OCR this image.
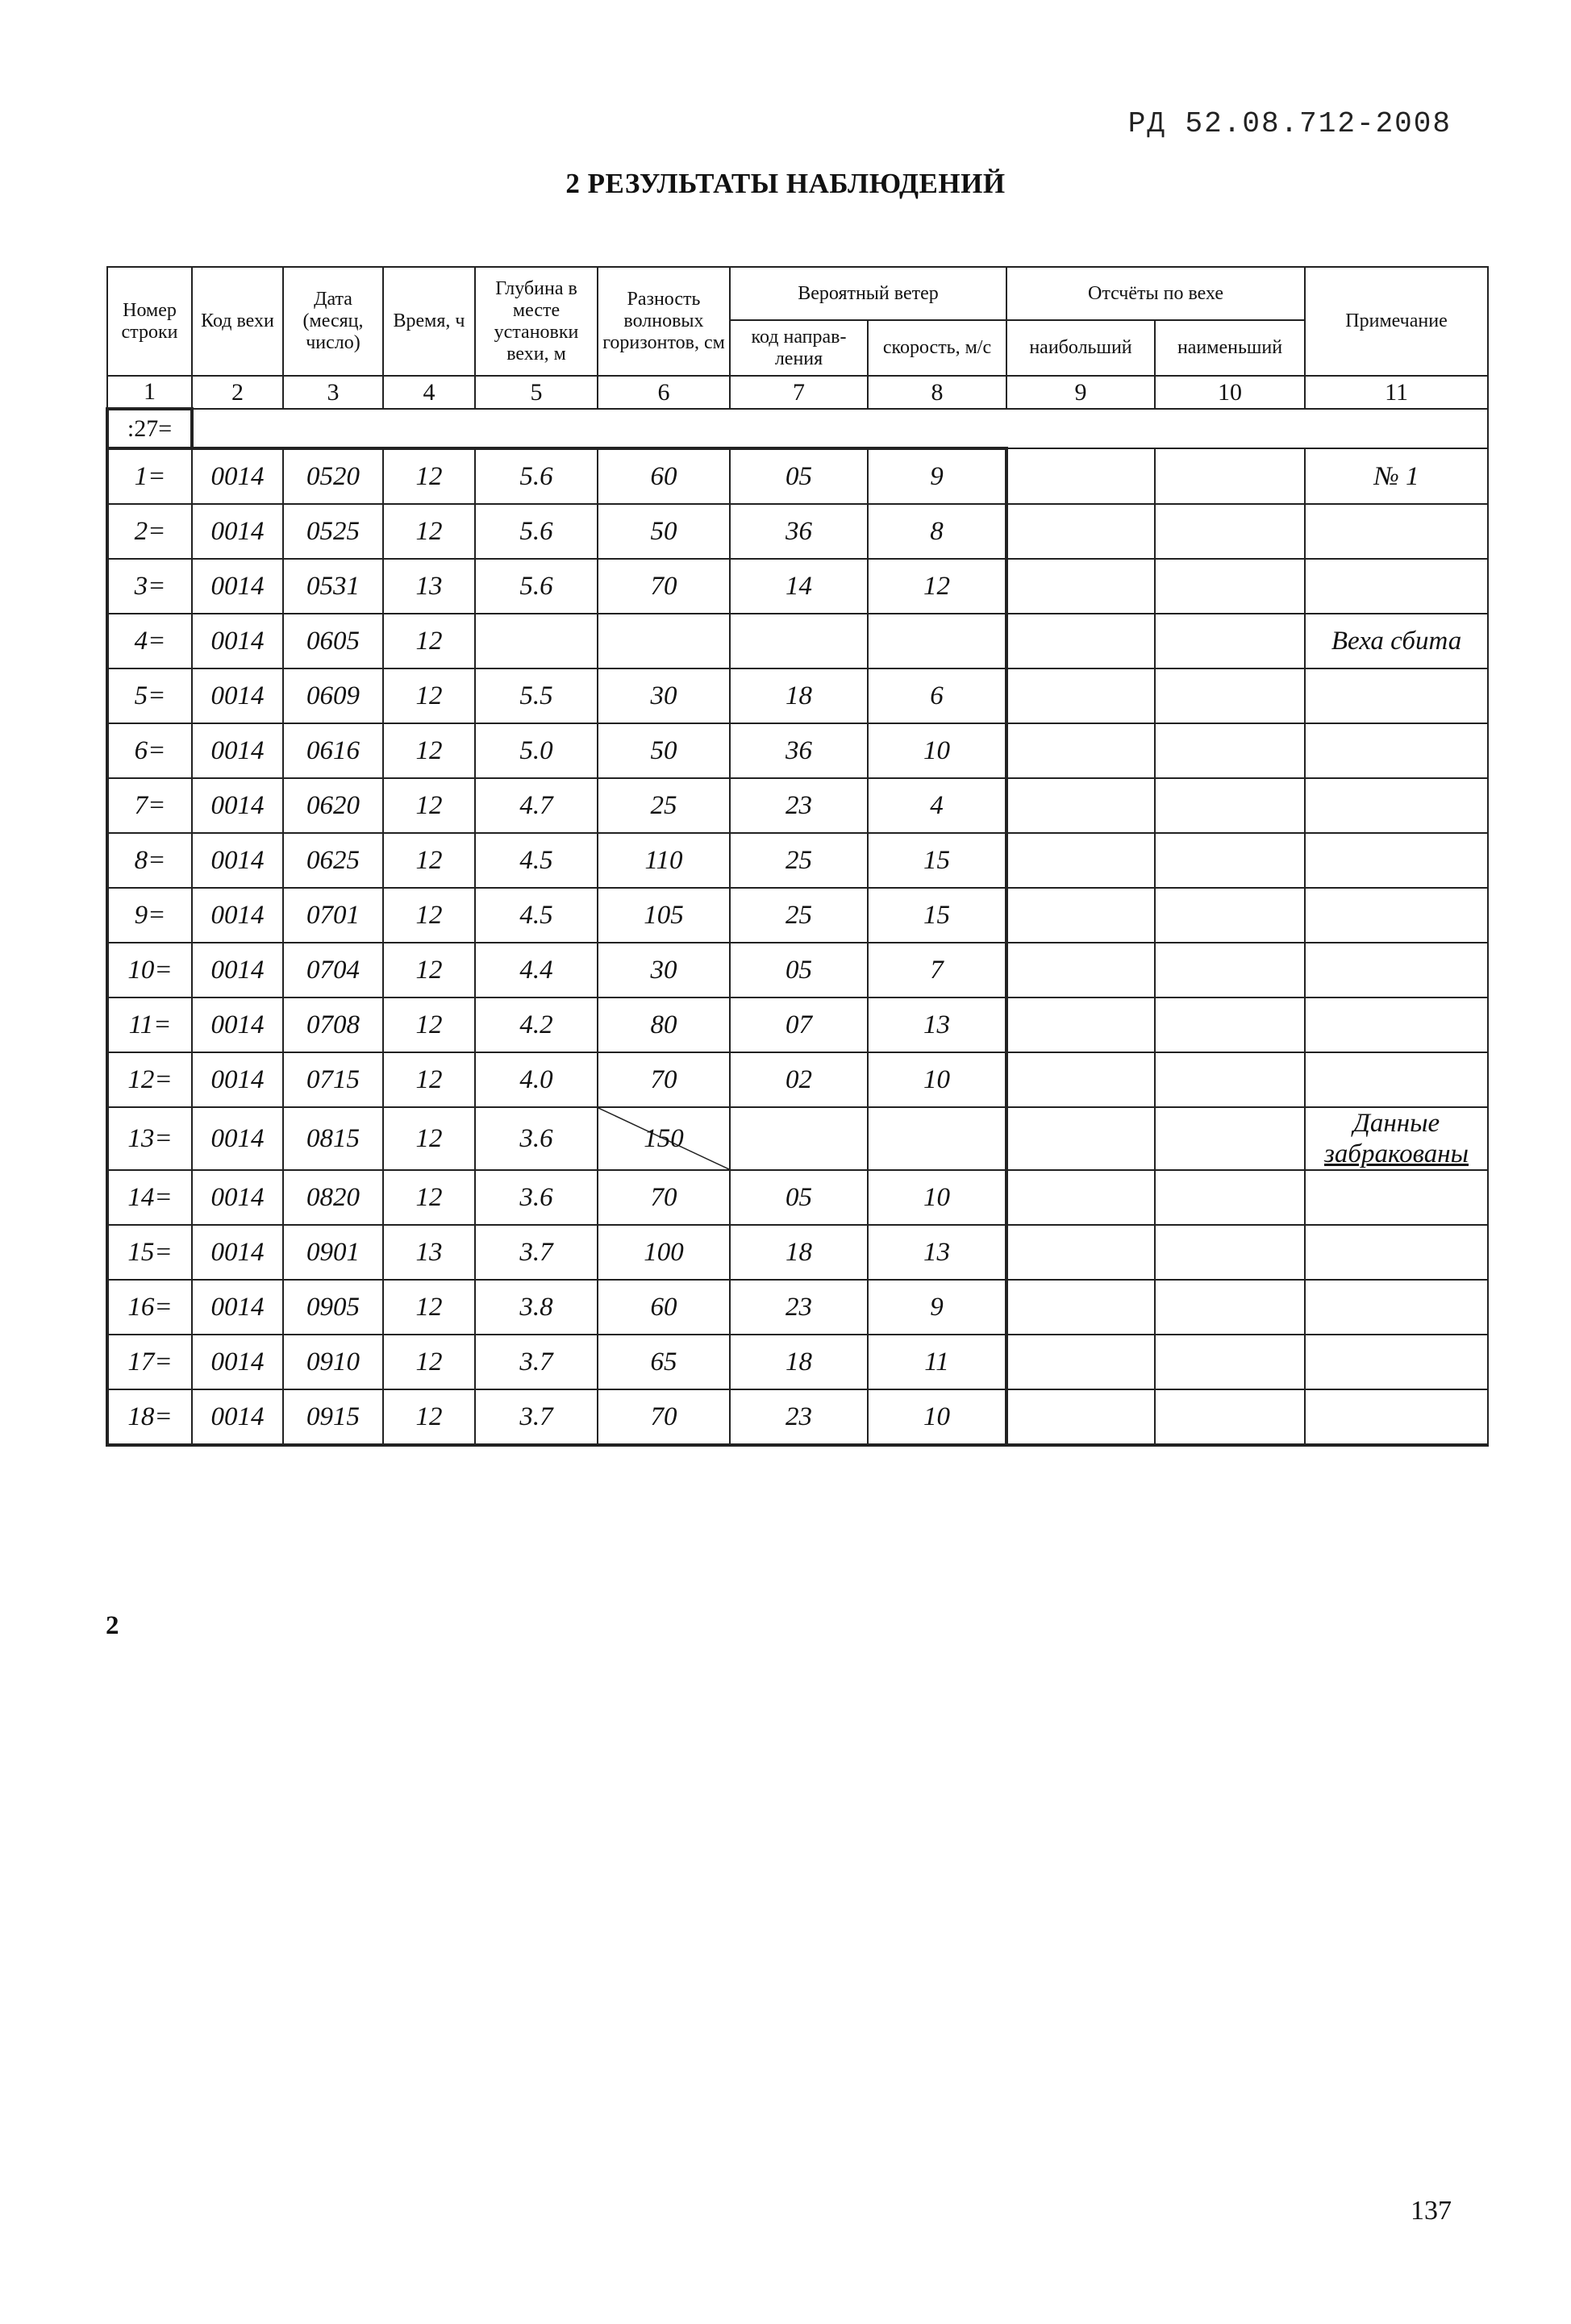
РД 52.08.712-2008
2 РЕЗУЛЬТАТЫ НАБЛЮДЕНИЙ
Номер строки	Код вехи	Дата (месяц, число)	Время, ч	Глубина в месте установки вехи, м	Разность волновых горизонтов, см	Вероятный ветер		Отсчёты по вехе		Примечание
						код направ-ления	скорость, м/с	наибольший	наименьший	
1	2	3	4	5	6	7	8	9	10	11
:27=										
1=	0014	0520	12	5.6	60	05	9			№ 1
2=	0014	0525	12	5.6	50	36	8			
3=	0014	0531	13	5.6	70	14	12			
4=	0014	0605	12							Веха сбита
5=	0014	0609	12	5.5	30	18	6			
6=	0014	0616	12	5.0	50	36	10			
7=	0014	0620	12	4.7	25	23	4			
8=	0014	0625	12	4.5	110	25	15			
9=	0014	0701	12	4.5	105	25	15			
10=	0014	0704	12	4.4	30	05	7			
11=	0014	0708	12	4.2	80	07	13			
12=	0014	0715	12	4.0	70	02	10			
13=	0014	0815	12	3.6	150					Данные
забракованы

14=	0014	0820	12	3.6	70	05	10			
15=	0014	0901	13	3.7	100	18	13			
16=	0014	0905	12	3.8	60	23	9			
17=	0014	0910	12	3.7	65	18	11			
18=	0014	0915	12	3.7	70	23	10			
2
137
